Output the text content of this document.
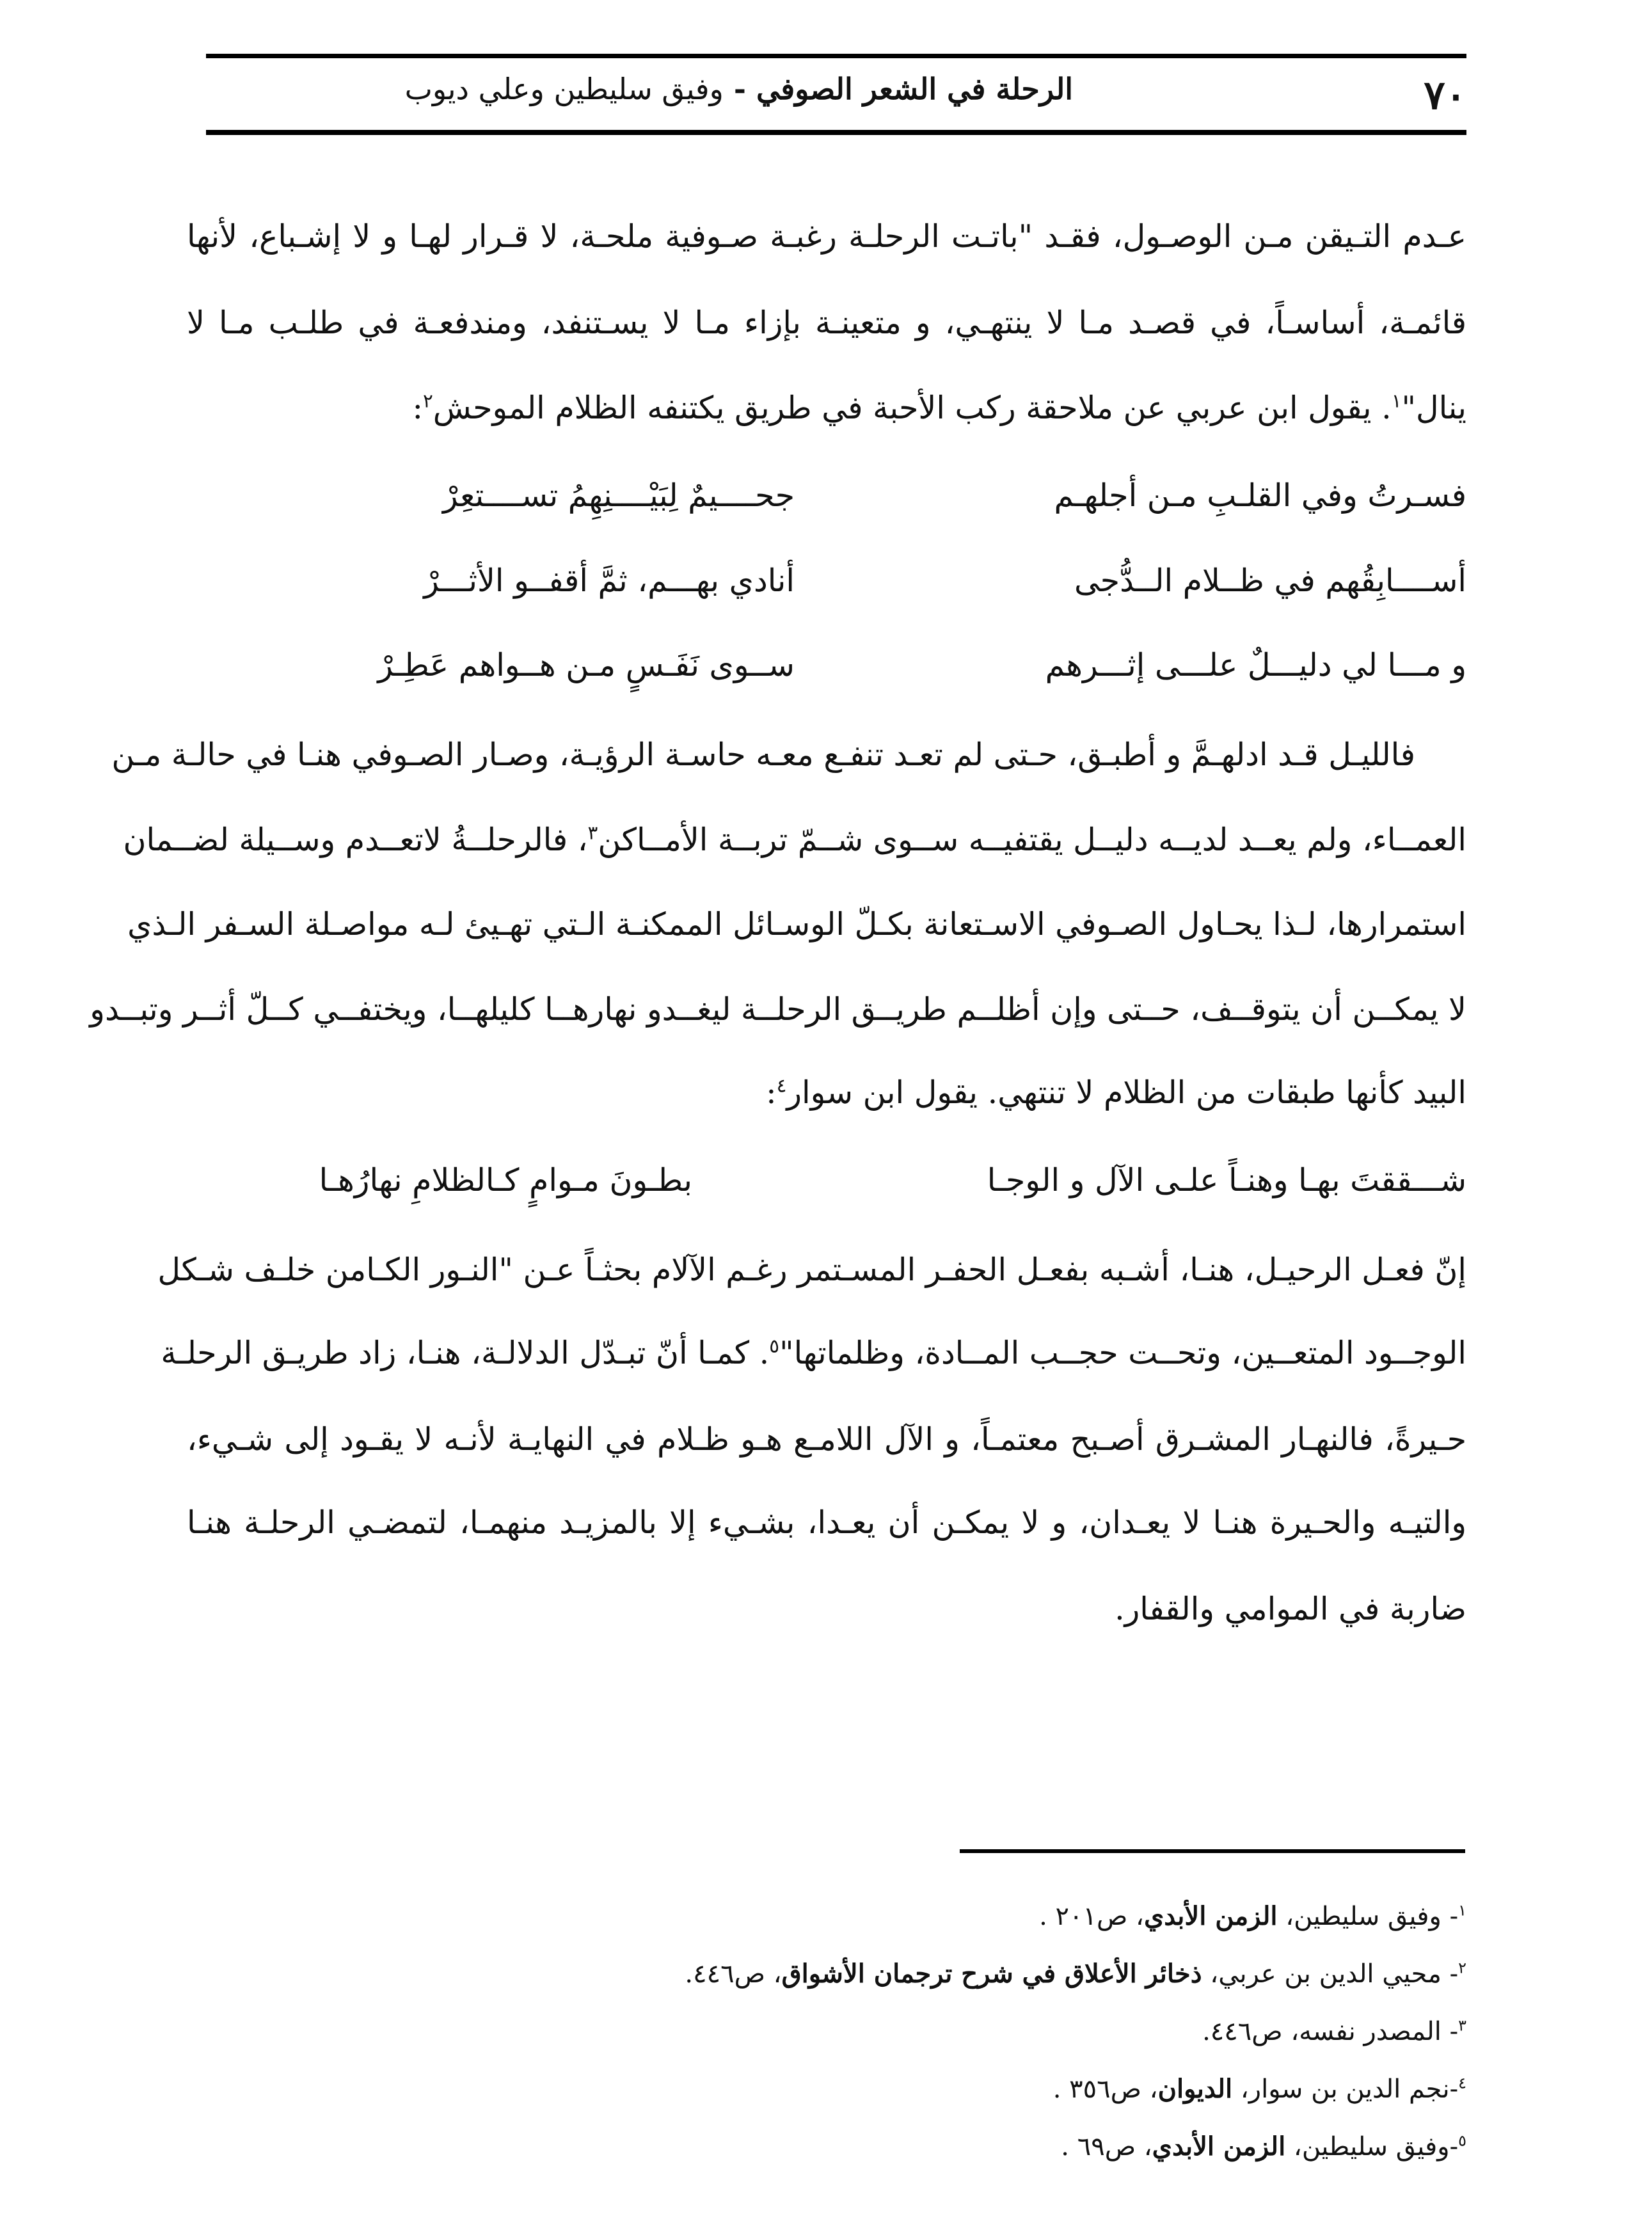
٧٠
الرحلة في الشعر الصوفي - وفيق سليطين وعلي ديوب
عـدم التـيقن مـن الوصـول، فقـد "باتـت الرحلـة رغبـة صـوفية ملحـة، لا قـرار لهـا و لا إشـباع، لأنها
قائمـة، أساسـاً، في قصـد مـا لا ينتهـي، و متعينـة بإزاء مـا لا يسـتنفد، ومندفعـة في طلـب مـا لا
ينال"$^١$. يقول ابن عربي عن ملاحقة ركب الأحبة في طريق يكتنفه الظلام الموحش$^٢$:
فسـرتُ وفي القلـبِ مـن أجلهـم
جحــــيمٌ لِبَيْــــنِهِمُ تســــتعِرْ
أســــابِقُهم في ظــلام الــدُّجى
أنادي بهـــم، ثمَّ أقفــو الأثـــرْ
و مـــا لي دليـــلٌ علـــى إثـــرهم
ســوى نَفَـسٍ مـن هــواهم عَطِـرْ
فالليـل قـد ادلهـمَّ و أطبـق، حـتى لم تعـد تنفـع معـه حاسـة الرؤيـة، وصـار الصـوفي هنـا في حالـة مـن
العمــاء، ولم يعــد لديــه دليــل يقتفيــه ســوى شــمّ تربــة الأمــاكن$^٣$، فالرحلــةُ لاتعــدم وســيلة لضــمان
استمرارها، لـذا يحـاول الصـوفي الاسـتعانة بكـلّ الوسـائل الممكنـة الـتي تهـيئ لـه مواصـلة السـفر الـذي
لا يمكــن أن يتوقــف، حــتى وإن أظلــم طريــق الرحلــة ليغــدو نهارهــا كليلهــا، ويختفــي كــلّ أثــر وتبــدو
البيد كأنها طبقات من الظلام لا تنتهي. يقول ابن سوار$^٤$:
شـــققتَ بهـا وهنـاً علـى الآل و الوجـا
بطـونَ مـوامٍ كـالظلامِ نهارُهـا
إنّ فعـل الرحيـل، هنـا، أشـبه بفعـل الحفـر المسـتمر رغـم الآلام بحثـاً عـن "النـور الكـامن خلـف شـكل
الوجــود المتعــين، وتحــت حجــب المــادة، وظلماتها"$^٥$. كمـا أنّ تبـدّل الدلالـة، هنـا، زاد طريـق الرحلـة
حـيرةً، فالنهـار المشـرق أصـبح معتمـاً، و الآل اللامـع هـو ظـلام في النهايـة لأنـه لا يقـود إلى شـيء،
والتيـه والحـيرة هنـا لا يعـدان، و لا يمكـن أن يعـدا، بشـيء إلا بالمزيـد منهمـا، لتمضـي الرحلـة هنـا
ضاربة في الموامي والقفار.
$^١$- وفيق سليطين، الزمن الأبدي، ص٢٠١ .
$^٢$- محيي الدين بن عربي، ذخائر الأعلاق في شرح ترجمان الأشواق، ص٤٤٦.
$^٣$- المصدر نفسه، ص٤٤٦.
$^٤$-نجم الدين بن سوار، الديوان، ص٣٥٦ .
$^٥$-وفيق سليطين، الزمن الأبدي، ص٦٩ .
